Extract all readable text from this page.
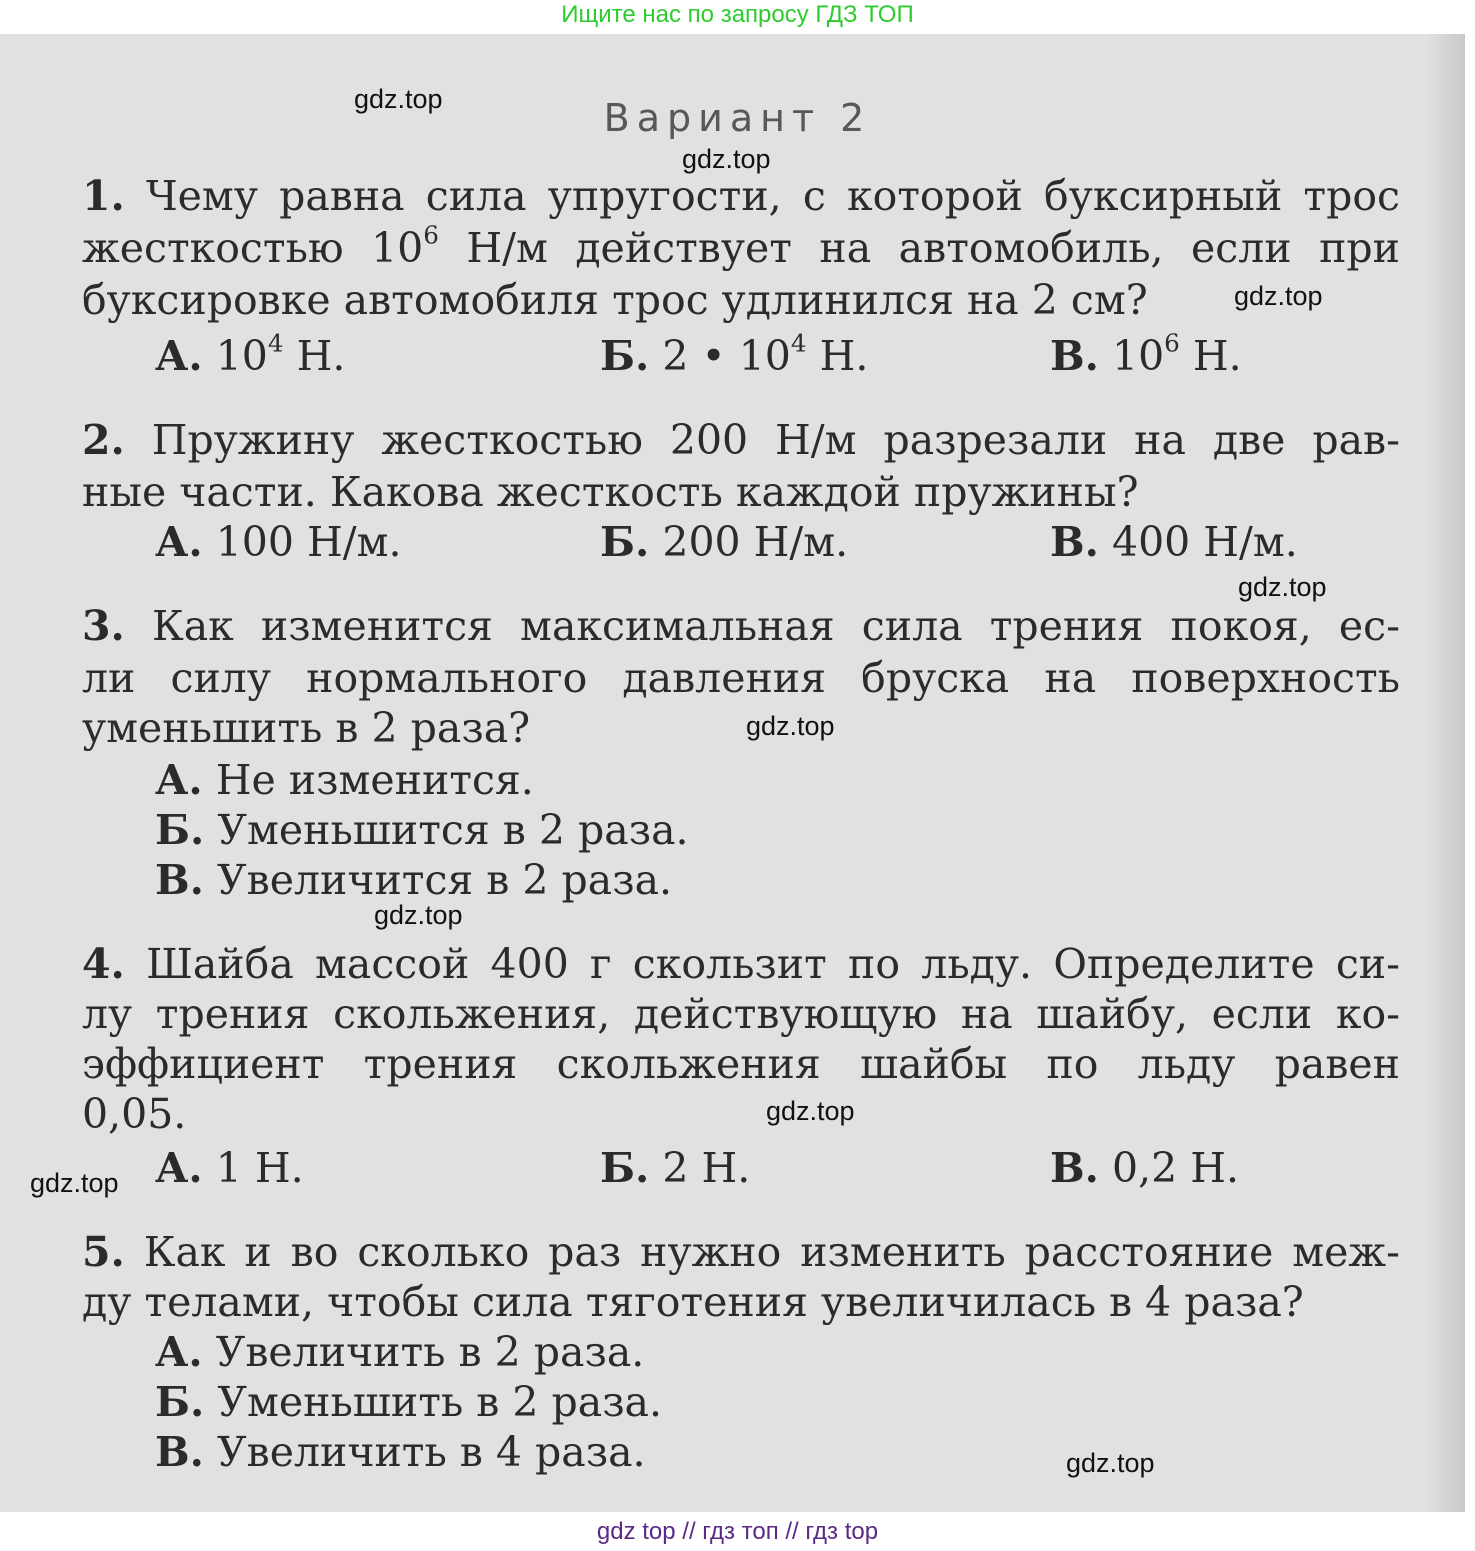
Ищите нас по запросу ГДЗ ТОП
Вариант 2

1. Чему равна сила упругости, с которой буксирный трос

жесткостью $10^6$ Н/м действует на автомобиль, если при

буксировке автомобиля трос удлинился на 2 см?

А. $10^4$ Н.	Б. 2 • $10^4$ Н.	В. $10^6$ Н.

2. Пружину жесткостью 200 Н/м разрезали на две рав-

ные части. Какова жесткость каждой пружины?

А. 100 Н/м.	Б. 200 Н/м.	В. 400 Н/м.

3. Как изменится максимальная сила трения покоя, ес-

ли силу нормального давления бруска на поверхность

уменьшить в 2 раза?

А. Не изменится.

Б. Уменьшится в 2 раза.

В. Увеличится в 2 раза.

4. Шайба массой 400 г скользит по льду. Определите си-

лу трения скольжения, действующую на шайбу, если ко-

эффициент трения скольжения шайбы по льду равен

0,05.

А. 1 Н.	Б. 2 Н.	В. 0,2 Н.

5. Как и во сколько раз нужно изменить расстояние меж-

ду телами, чтобы сила тяготения увеличилась в 4 раза?

А. Увеличить в 2 раза.

Б. Уменьшить в 2 раза.

В. Увеличить в 4 раза.

gdz.top
gdz.top
gdz.top
gdz.top
gdz.top
gdz.top
gdz.top
gdz.top
gdz.top
gdz top // гдз топ // гдз top
